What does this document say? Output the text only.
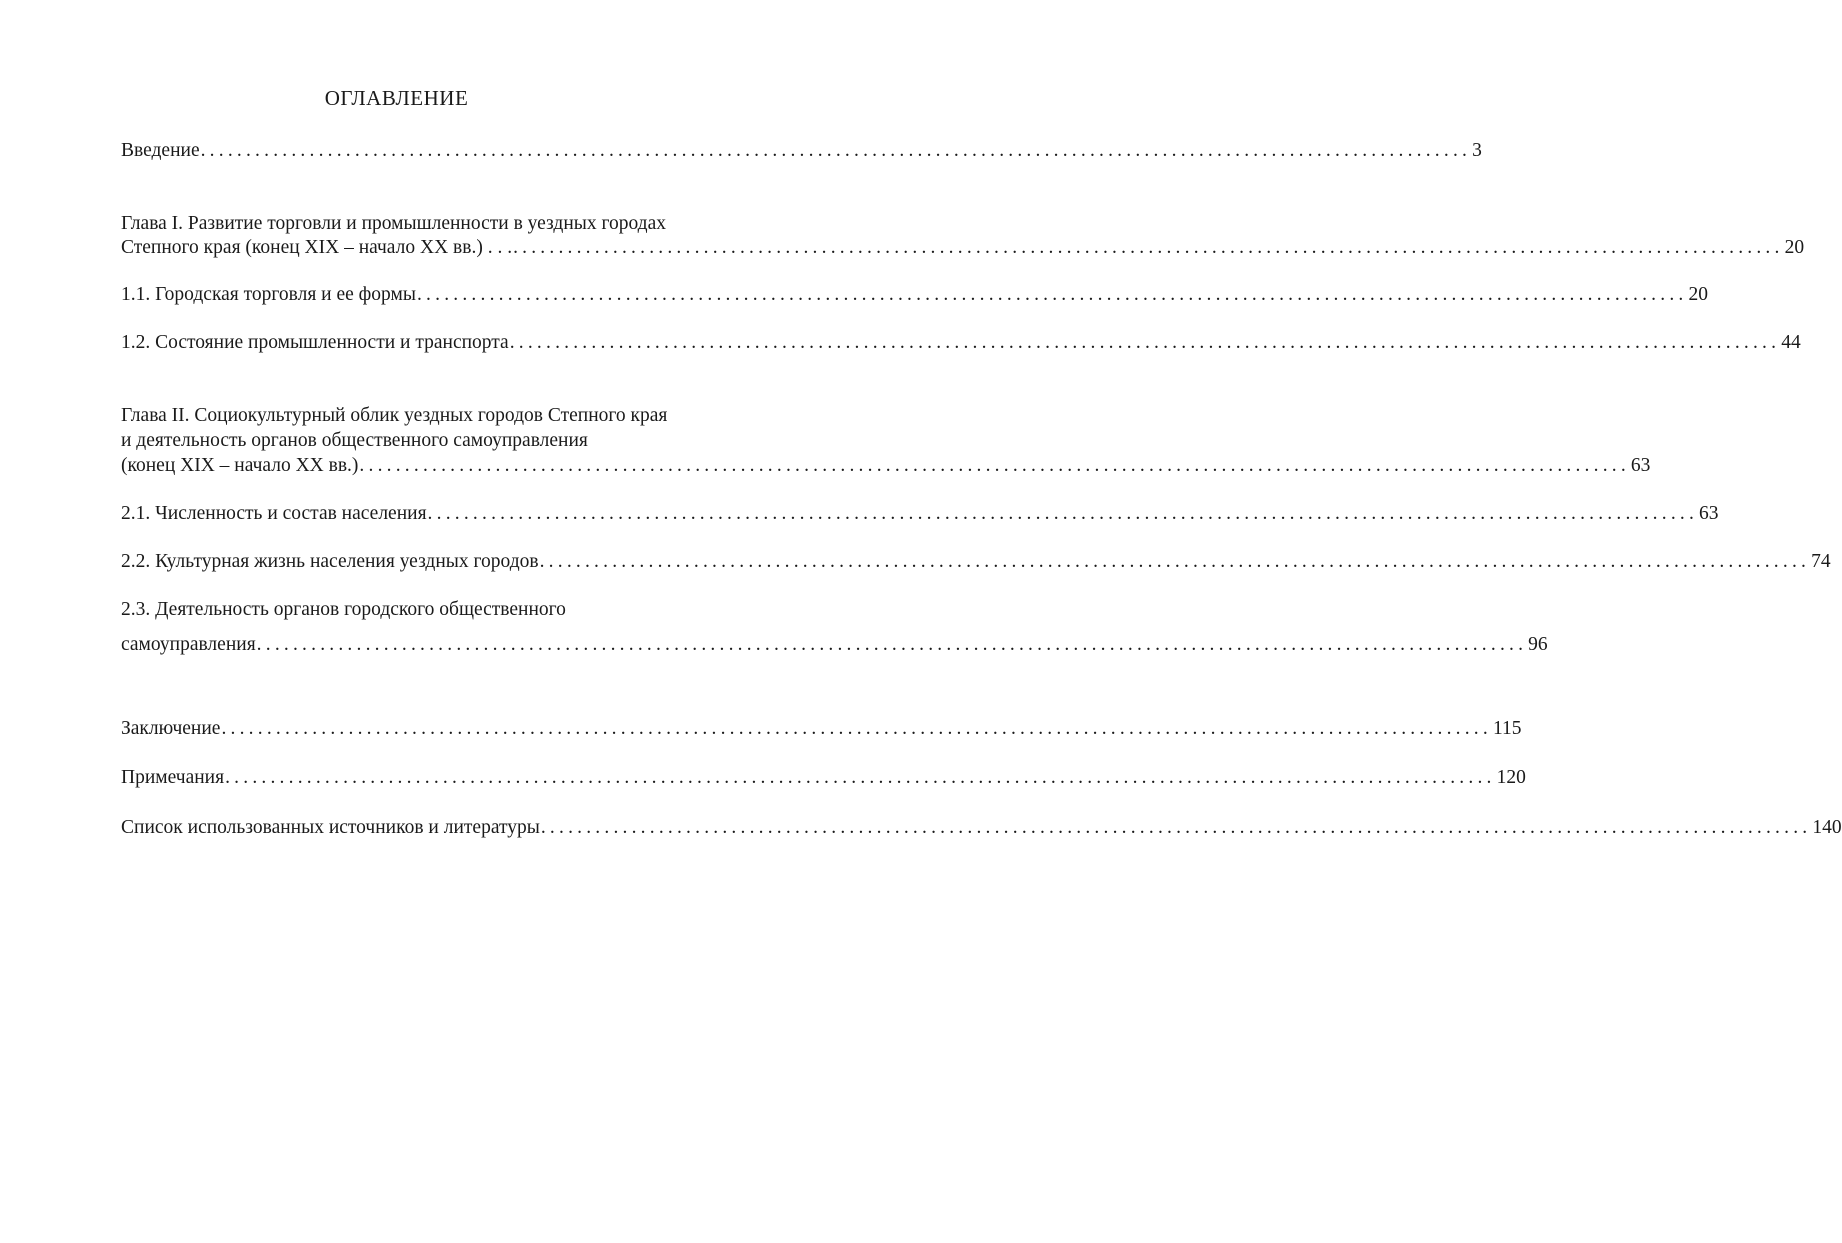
ОГЛАВЛЕНИЕ
Введение ............................................................................................................................................ 3
Глава I. Развитие торговли и промышленности в уездных городах
Степного края (конец XIX – начало XX вв.) . . . ............................................................................................................................................ 20
1.1. Городская торговля и ее формы ............................................................................................................................................ 20
1.2. Состояние промышленности и транспорта ............................................................................................................................................ 44
Глава II. Социокультурный облик уездных городов Степного края
и деятельность органов общественного самоуправления
(конец XIX – начало XX вв.) ............................................................................................................................................ 63
2.1. Численность и состав населения ............................................................................................................................................ 63
2.2. Культурная жизнь населения уездных городов ............................................................................................................................................ 74
2.3. Деятельность органов городского общественного
самоуправления ............................................................................................................................................ 96
Заключение ............................................................................................................................................ 115
Примечания ............................................................................................................................................ 120
Список использованных источников и литературы ............................................................................................................................................ 140
